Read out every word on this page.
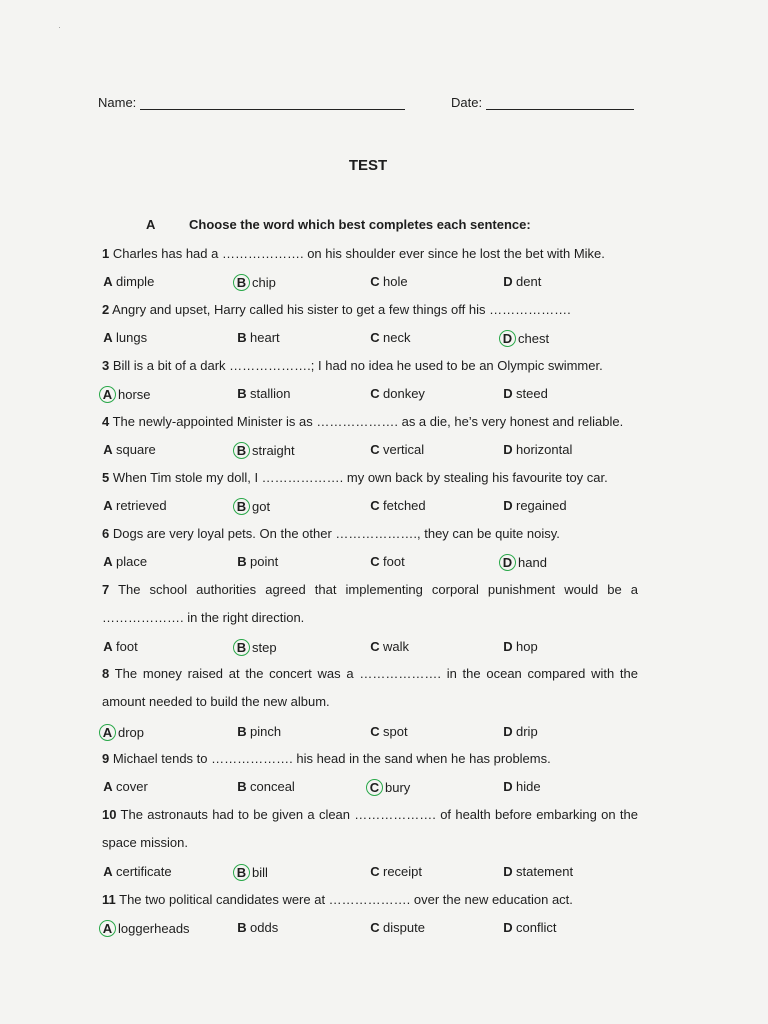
·
Name:	Date:
TEST
A	Choose the word which best completes each sentence:
1 Charles has had a ………………. on his shoulder ever since he lost the bet with Mike.
A dimple	B chip	C hole	D dent
2 Angry and upset, Harry called his sister to get a few things off his ……………….
A lungs	B heart	C neck	D chest
3 Bill is a bit of a dark ……………….; I had no idea he used to be an Olympic swimmer.
A horse	B stallion	C donkey	D steed
4 The newly-appointed Minister is as ………………. as a die, he’s very honest and reliable.
A square	B straight	C vertical	D horizontal
5 When Tim stole my doll, I ………………. my own back by stealing his favourite toy car.
A retrieved	B got	C fetched	D regained
6 Dogs are very loyal pets. On the other ………………., they can be quite noisy.
A place	B point	C foot	D hand
7 The school authorities agreed that implementing corporal punishment would be a ………………. in the right direction.
A foot	B step	C walk	D hop
8 The money raised at the concert was a ………………. in the ocean compared with the amount needed to build the new album.
A drop	B pinch	C spot	D drip
9 Michael tends to ………………. his head in the sand when he has problems.
A cover	B conceal	C bury	D hide
10 The astronauts had to be given a clean ………………. of health before embarking on the space mission.
A certificate	B bill	C receipt	D statement
11 The two political candidates were at ………………. over the new education act.
A loggerheads	B odds	C dispute	D conflict
